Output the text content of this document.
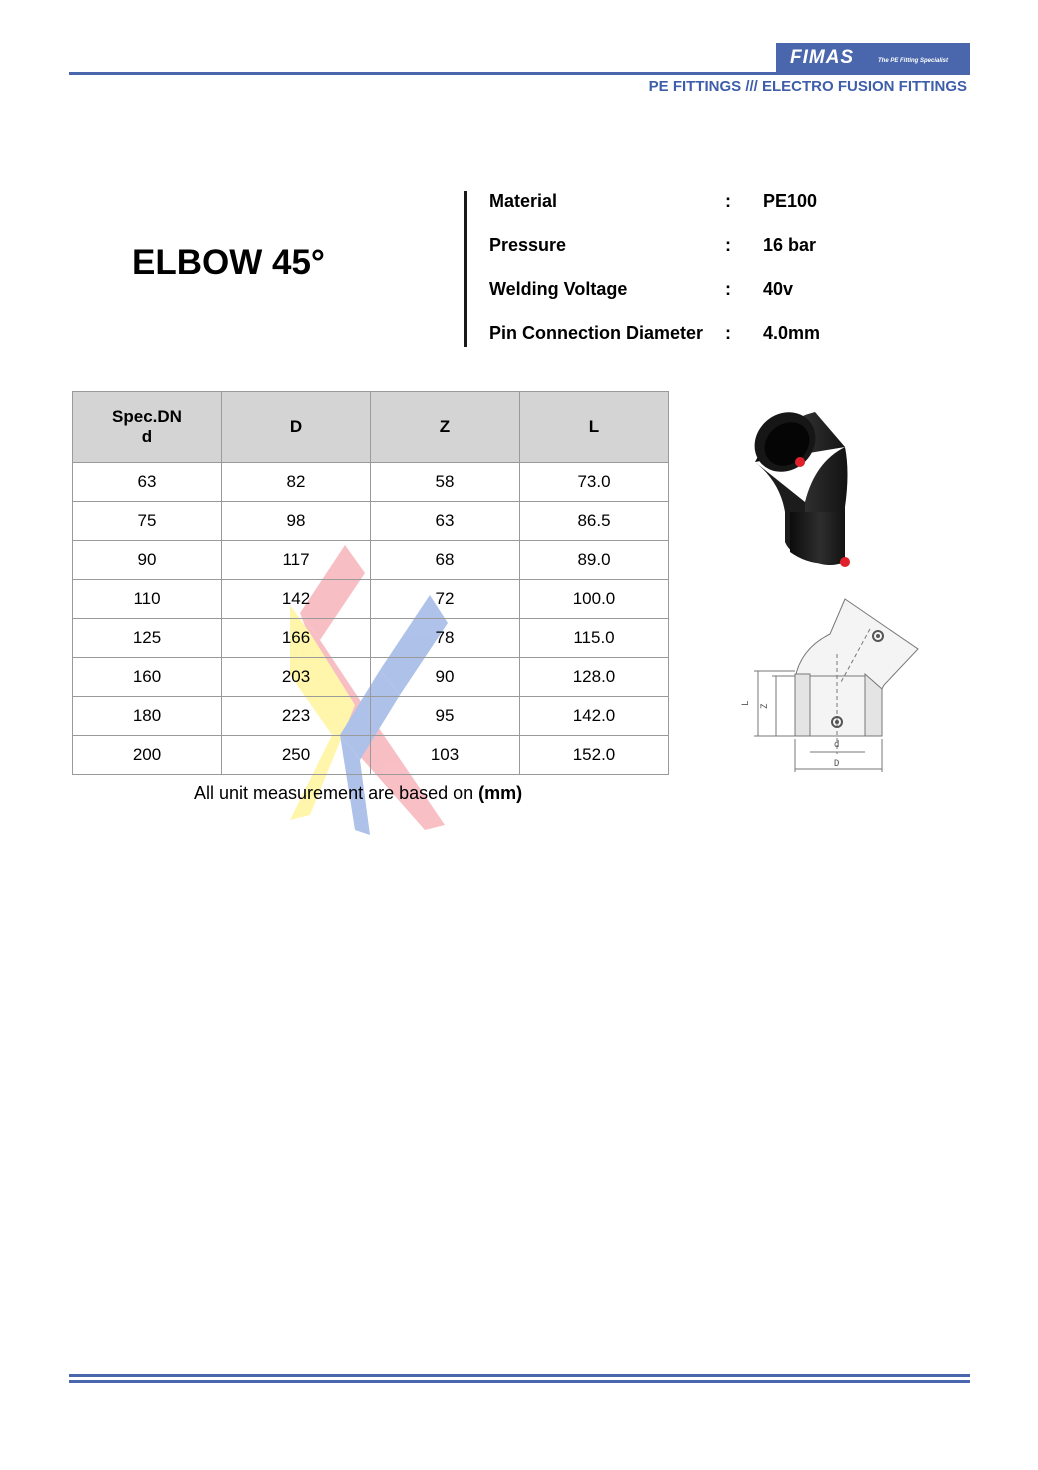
FIMAS	The PE Fitting Specialist
PE FITTINGS /// ELECTRO FUSION FITTINGS
ELBOW 45°
Material	: PE100
Pressure	: 16 bar
Welding Voltage	: 40v
Pin Connection Diameter : 4.0mm
Spec.DN
d	D	Z	L
63	82	58	73.0
75	98	63	86.5
90	117	68	89.0
110	142	72	100.0
125	166	78	115.0
160	203	90	128.0
180	223	95	142.0
200	250	103	152.0
All unit measurement are based on (mm)
L
Z
d
D
